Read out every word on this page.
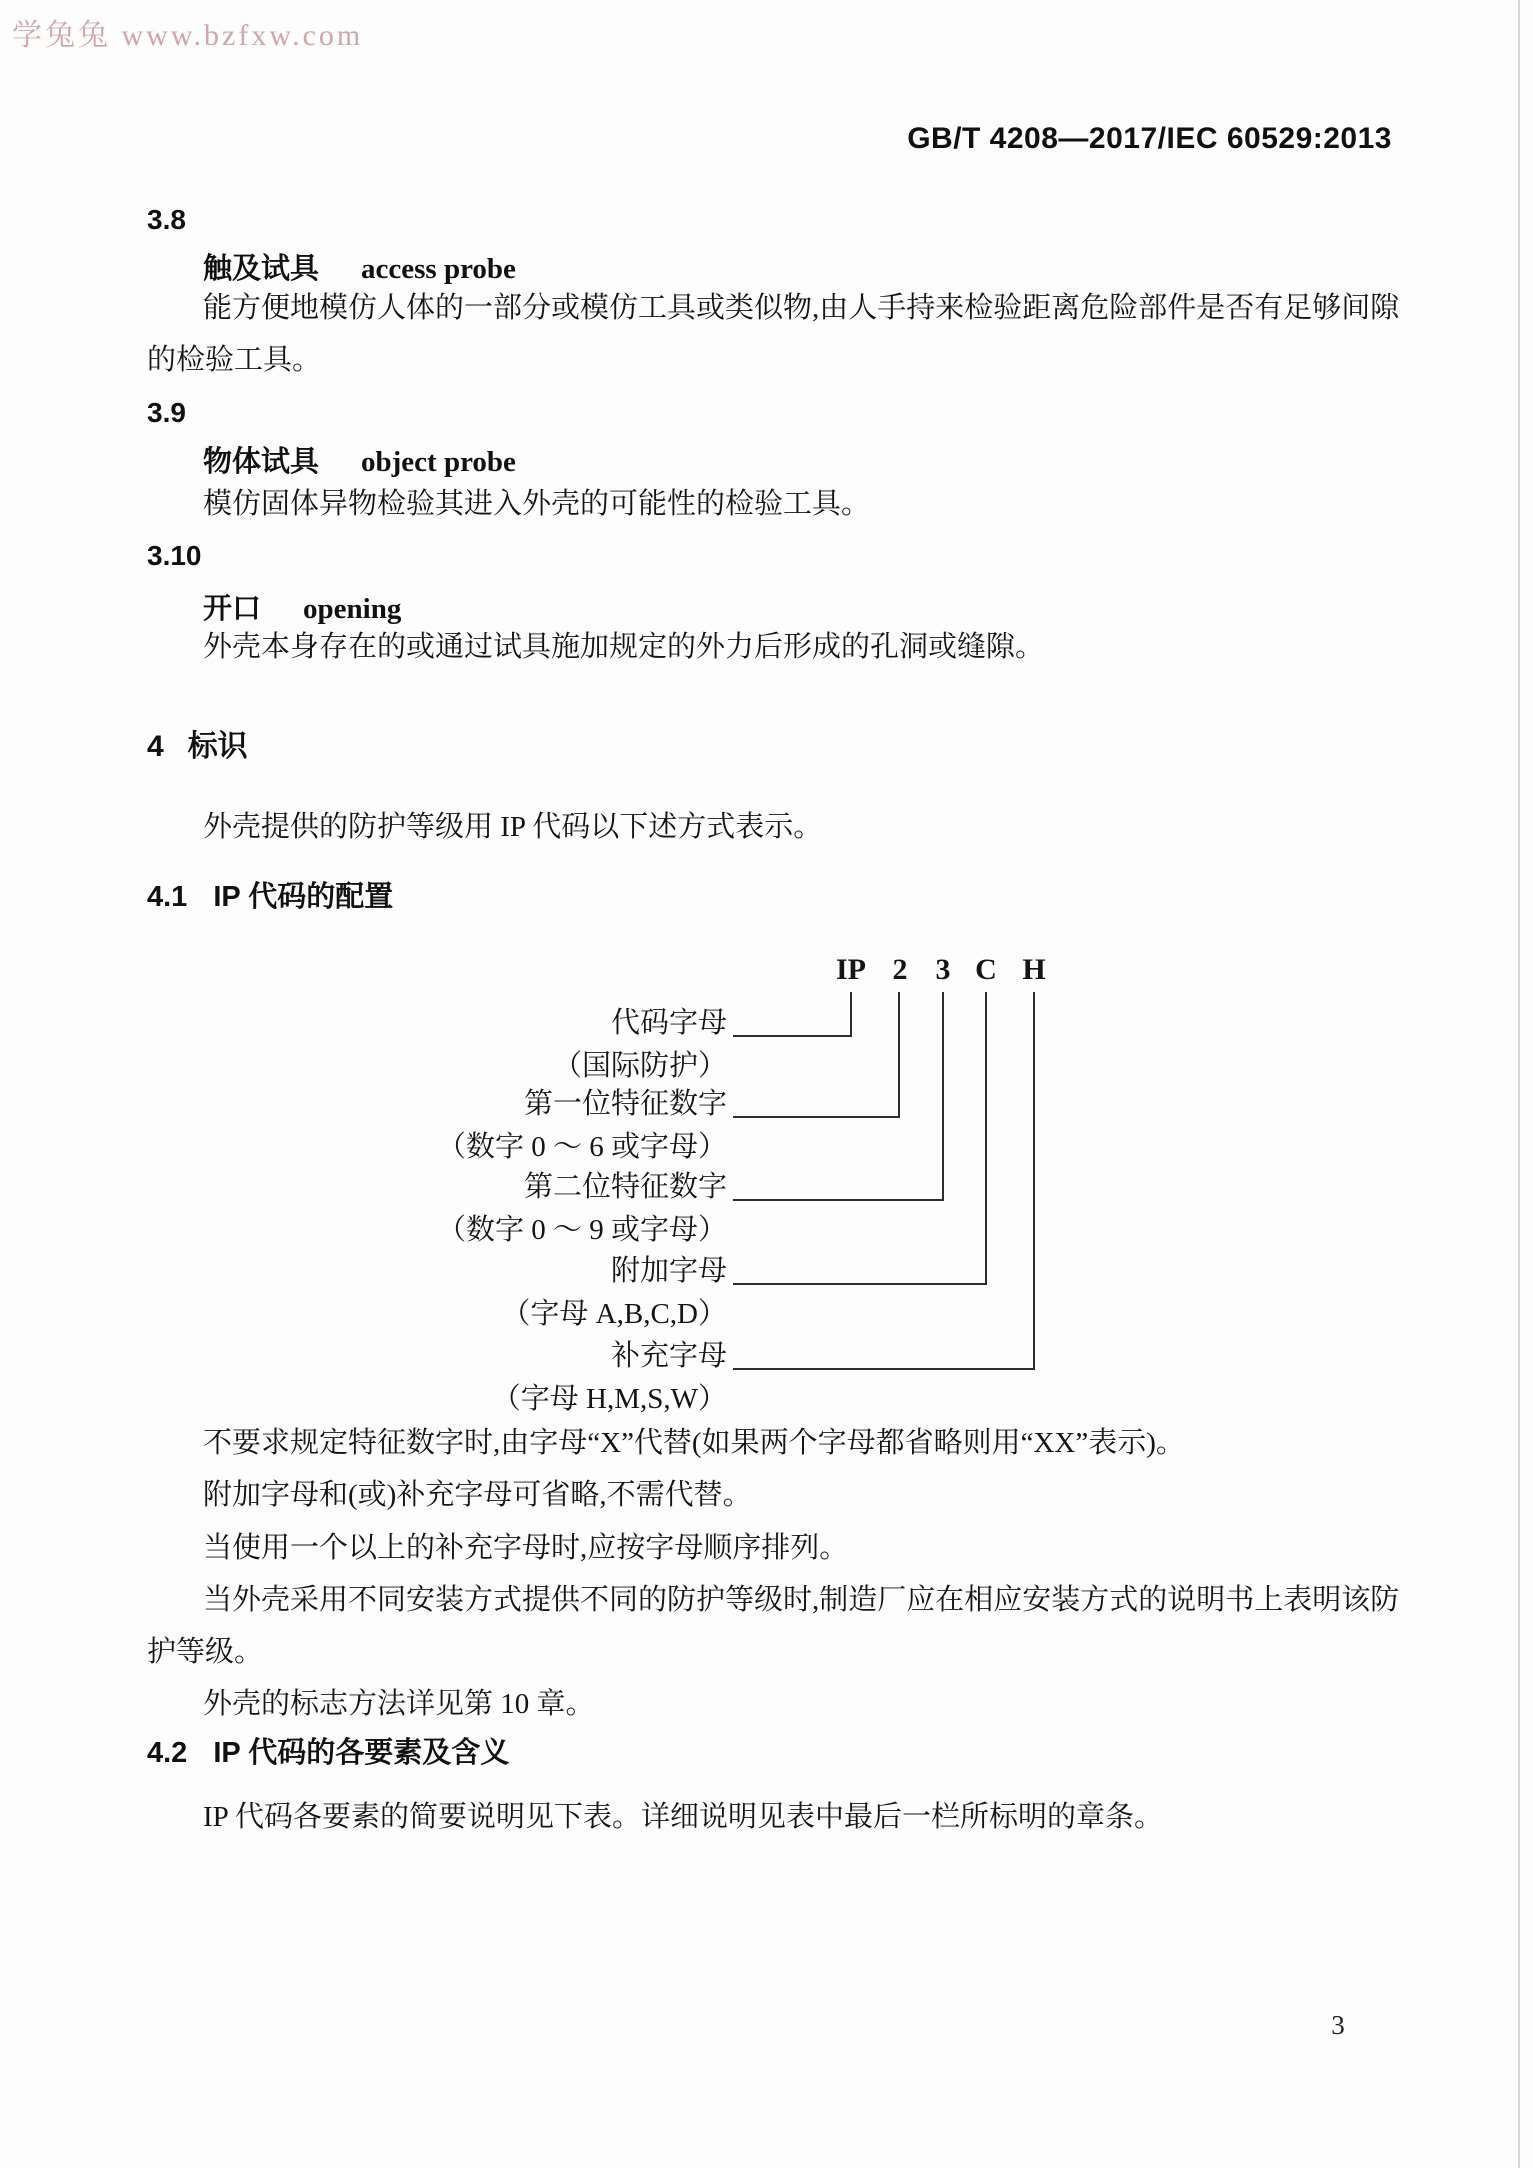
学兔兔 www.bzfxw.com
GB/T 4208—2017/IEC 60529:2013
3.8
触及试具 access probe
能方便地模仿人体的一部分或模仿工具或类似物,由人手持来检验距离危险部件是否有足够间隙
的检验工具。
3.9
物体试具 object probe
模仿固体异物检验其进入外壳的可能性的检验工具。
3.10
开口 opening
外壳本身存在的或通过试具施加规定的外力后形成的孔洞或缝隙。
4 标识
外壳提供的防护等级用 IP 代码以下述方式表示。
4.1 IP 代码的配置
IP 2 3 C H
代码字母
（国际防护）
第一位特征数字
（数字 0 ～ 6 或字母）
第二位特征数字
（数字 0 ～ 9 或字母）
附加字母
（字母 A,B,C,D）
补充字母
（字母 H,M,S,W）
不要求规定特征数字时,由字母“X”代替(如果两个字母都省略则用“XX”表示)。
附加字母和(或)补充字母可省略,不需代替。
当使用一个以上的补充字母时,应按字母顺序排列。
当外壳采用不同安装方式提供不同的防护等级时,制造厂应在相应安装方式的说明书上表明该防
护等级。
外壳的标志方法详见第 10 章。
4.2 IP 代码的各要素及含义
IP 代码各要素的简要说明见下表。详细说明见表中最后一栏所标明的章条。
3
